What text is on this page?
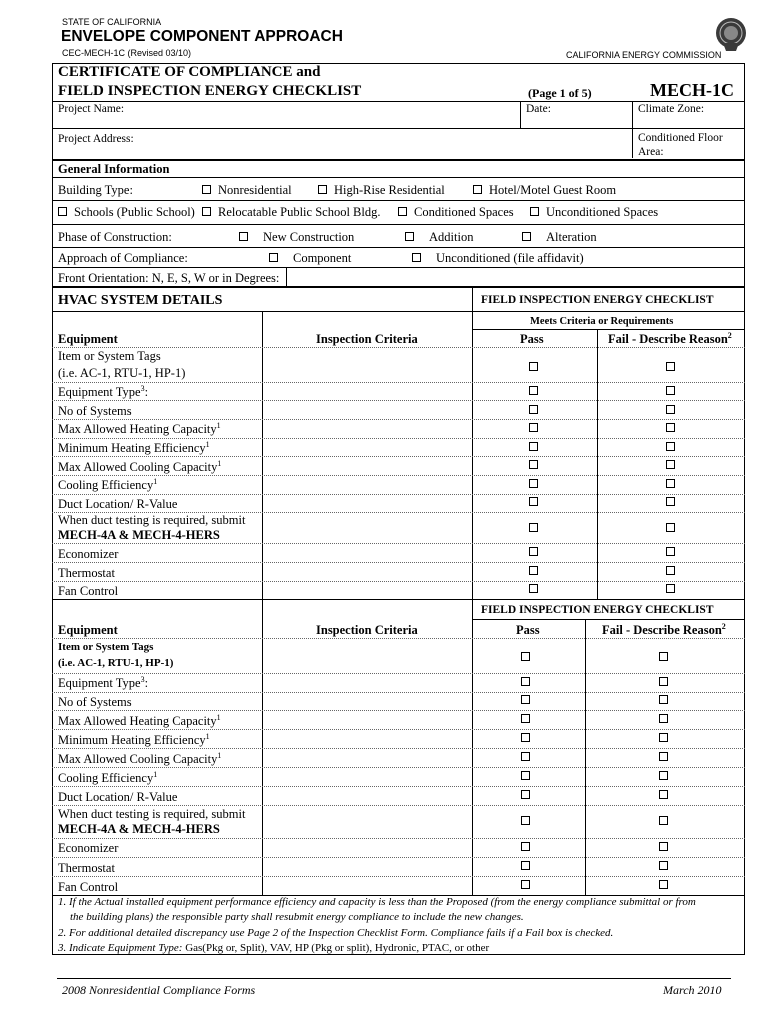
STATE OF CALIFORNIA
ENVELOPE COMPONENT APPROACH
CEC-MECH-1C (Revised 03/10)	CALIFORNIA ENERGY COMMISSION
CERTIFICATE OF COMPLIANCE and
FIELD INSPECTION ENERGY CHECKLIST	(Page 1 of 5)	MECH-1C
Project Name:	Date:	Climate Zone:
Project Address:	Conditioned Floor
Area:
General Information
Building Type:	Nonresidential	High-Rise Residential	Hotel/Motel Guest Room
Schools (Public School)	Relocatable Public School Bldg.	Conditioned Spaces	Unconditioned Spaces
Phase of Construction:	New Construction	Addition	Alteration
Approach of Compliance:	Component	Unconditioned (file affidavit)
Front Orientation: N, E, S, W or in Degrees:
HVAC SYSTEM DETAILS	FIELD INSPECTION ENERGY CHECKLIST
Meets Criteria or Requirements
Equipment	Inspection Criteria	Pass	Fail - Describe Reason$^2$
Item or System Tags
(i.e. AC-1, RTU-1, HP-1)
Equipment Type$^3$:
No of Systems
Max Allowed Heating Capacity$^1$
Minimum Heating Efficiency$^1$
Max Allowed Cooling Capacity$^1$
Cooling Efficiency$^1$
Duct Location/ R-Value
When duct testing is required, submit
MECH-4A & MECH-4-HERS
Economizer
Thermostat
Fan Control
FIELD INSPECTION ENERGY CHECKLIST
Equipment	Inspection Criteria	Pass	Fail - Describe Reason$^2$
Item or System Tags
(i.e. AC-1, RTU-1, HP-1)
Equipment Type$^3$:
No of Systems
Max Allowed Heating Capacity$^1$
Minimum Heating Efficiency$^1$
Max Allowed Cooling Capacity$^1$
Cooling Efficiency$^1$
Duct Location/ R-Value
When duct testing is required, submit
MECH-4A & MECH-4-HERS
Economizer
Thermostat
Fan Control
1. If the Actual installed equipment performance efficiency and capacity is less than the Proposed (from the energy compliance submittal or from
the building plans) the responsible party shall resubmit energy compliance to include the new changes.
2. For additional detailed discrepancy use Page 2 of the Inspection Checklist Form. Compliance fails if a Fail box is checked.
3. Indicate Equipment Type: Gas(Pkg or, Split), VAV, HP (Pkg or split), Hydronic, PTAC, or other
2008 Nonresidential Compliance Forms	March 2010
